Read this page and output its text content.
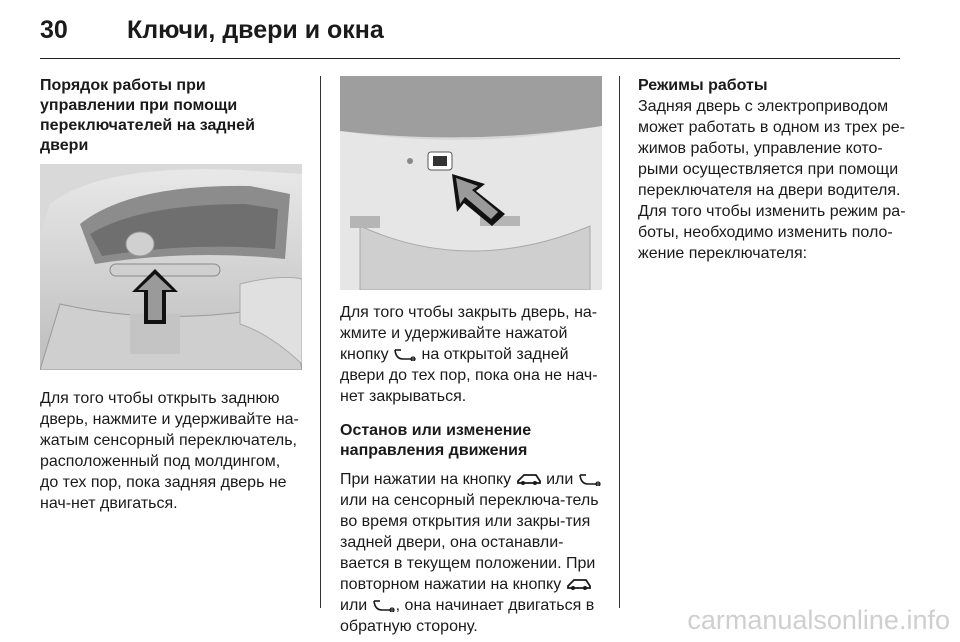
30 Ключи, двери и окна
Порядок работы при управлении при помощи переключателей на задней двери

Для того чтобы открыть заднюю дверь, нажмите и удерживайте на-жатым сенсорный переключатель, расположенный под молдингом, до тех пор, пока задняя дверь не нач-нет двигаться.

Для того чтобы закрыть дверь, на-жмите и удерживайте нажатой кнопку  на открытой задней двери до тех пор, пока она не нач-нет закрываться.

Останов или изменение направления движения

При нажатии на кнопку  или  или на сенсорный переключа-тель во время открытия или закры-тия задней двери, она останавли-вается в текущем положении. При повторном нажатии на кнопку  или , она начинает двигаться в обратную сторону.

Режимы работы

Задняя дверь с электроприводом может работать в одном из трех ре-жимов работы, управление кото-рыми осуществляется при помощи переключателя на двери водителя. Для того чтобы изменить режим ра-боты, необходимо изменить поло-жение переключателя:

carmanualsonline.info
